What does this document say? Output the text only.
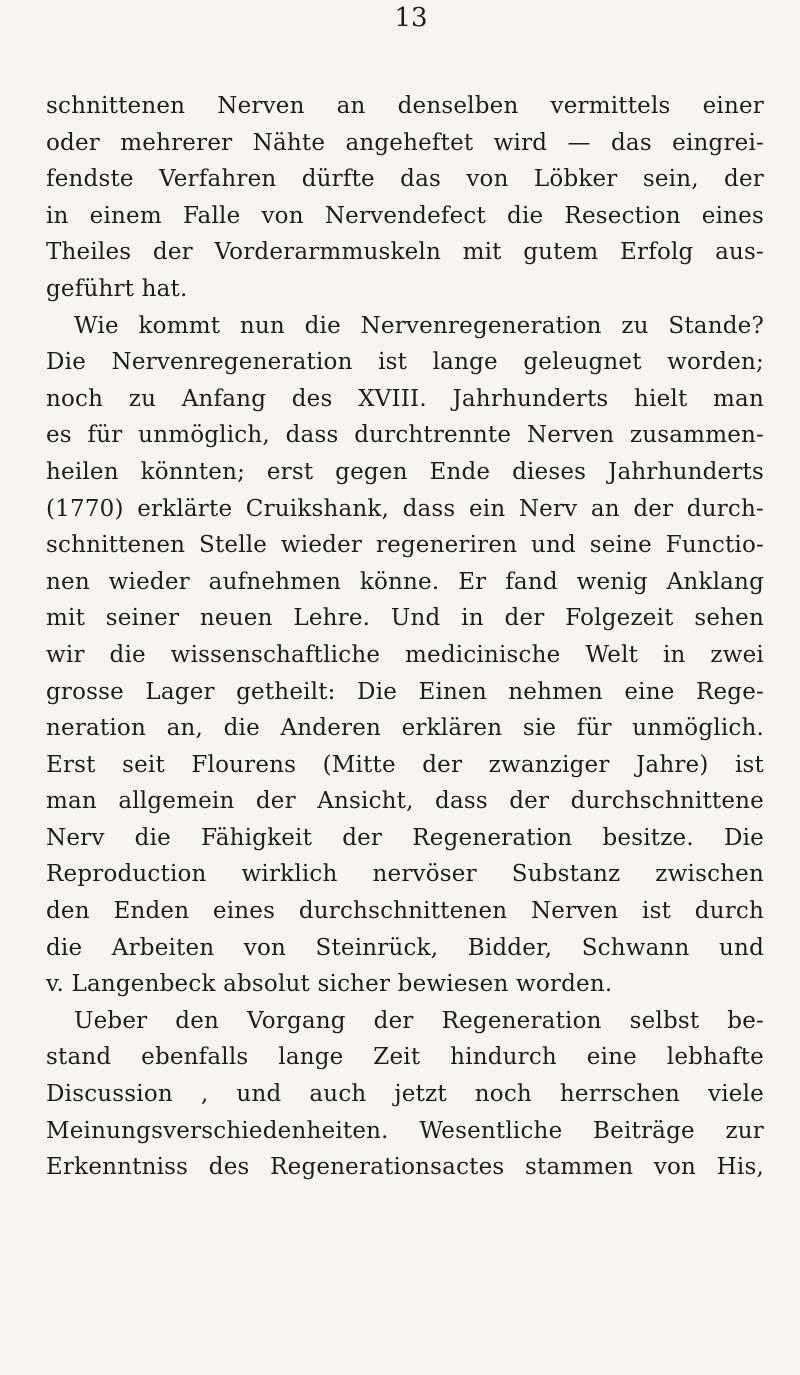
13
schnittenen Nerven an denselben vermittels einer
oder mehrerer Nähte angeheftet wird — das eingrei-
fendste Verfahren dürfte das von Löbker sein, der
in einem Falle von Nervendefect die Resection eines
Theiles der Vorderarmmuskeln mit gutem Erfolg aus-
geführt hat.
Wie kommt nun die Nervenregeneration zu Stande?
Die Nervenregeneration ist lange geleugnet worden;
noch zu Anfang des XVIII. Jahrhunderts hielt man
es für unmöglich, dass durchtrennte Nerven zusammen-
heilen könnten; erst gegen Ende dieses Jahrhunderts
(1770) erklärte Cruikshank, dass ein Nerv an der durch-
schnittenen Stelle wieder regeneriren und seine Functio-
nen wieder aufnehmen könne. Er fand wenig Anklang
mit seiner neuen Lehre. Und in der Folgezeit sehen
wir die wissenschaftliche medicinische Welt in zwei
grosse Lager getheilt: Die Einen nehmen eine Rege-
neration an, die Anderen erklären sie für unmöglich.
Erst seit Flourens (Mitte der zwanziger Jahre) ist
man allgemein der Ansicht, dass der durchschnittene
Nerv die Fähigkeit der Regeneration besitze. Die
Reproduction wirklich nervöser Substanz zwischen
den Enden eines durchschnittenen Nerven ist durch
die Arbeiten von Steinrück, Bidder, Schwann und
v. Langenbeck absolut sicher bewiesen worden.
Ueber den Vorgang der Regeneration selbst be-
stand ebenfalls lange Zeit hindurch eine lebhafte
Discussion , und auch jetzt noch herrschen viele
Meinungsverschiedenheiten. Wesentliche Beiträge zur
Erkenntniss des Regenerationsactes stammen von His,
